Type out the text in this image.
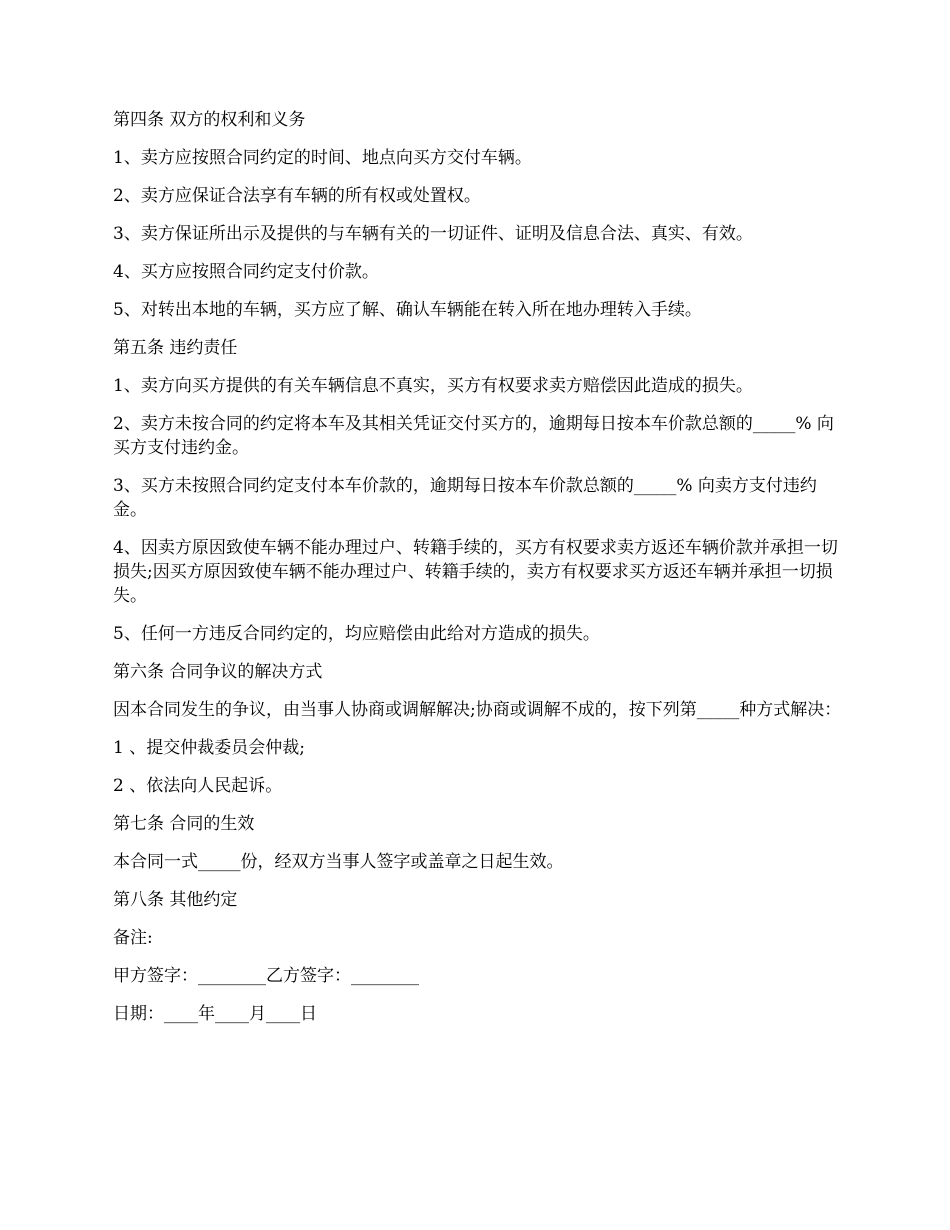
第四条 双方的权利和义务

1、卖方应按照合同约定的时间、地点向买方交付车辆。

2、卖方应保证合法享有车辆的所有权或处置权。

3、卖方保证所出示及提供的与车辆有关的一切证件、证明及信息合法、真实、有效。

4、买方应按照合同约定支付价款。

5、对转出本地的车辆，买方应了解、确认车辆能在转入所在地办理转入手续。

第五条 违约责任

1、卖方向买方提供的有关车辆信息不真实，买方有权要求卖方赔偿因此造成的损失。

2、卖方未按合同的约定将本车及其相关凭证交付买方的，逾期每日按本车价款总额的_____% 向买方支付违约金。

3、买方未按照合同约定支付本车价款的，逾期每日按本车价款总额的_____% 向卖方支付违约金。

4、因卖方原因致使车辆不能办理过户、转籍手续的，买方有权要求卖方返还车辆价款并承担一切损失;因买方原因致使车辆不能办理过户、转籍手续的，卖方有权要求买方返还车辆并承担一切损失。

5、任何一方违反合同约定的，均应赔偿由此给对方造成的损失。

第六条 合同争议的解决方式

因本合同发生的争议，由当事人协商或调解解决;协商或调解不成的，按下列第_____种方式解决：

1 、提交仲裁委员会仲裁;

2 、依法向人民起诉。

第七条 合同的生效

本合同一式_____份，经双方当事人签字或盖章之日起生效。

第八条 其他约定

备注:

甲方签字：________乙方签字：________

日期：____年____月____日
